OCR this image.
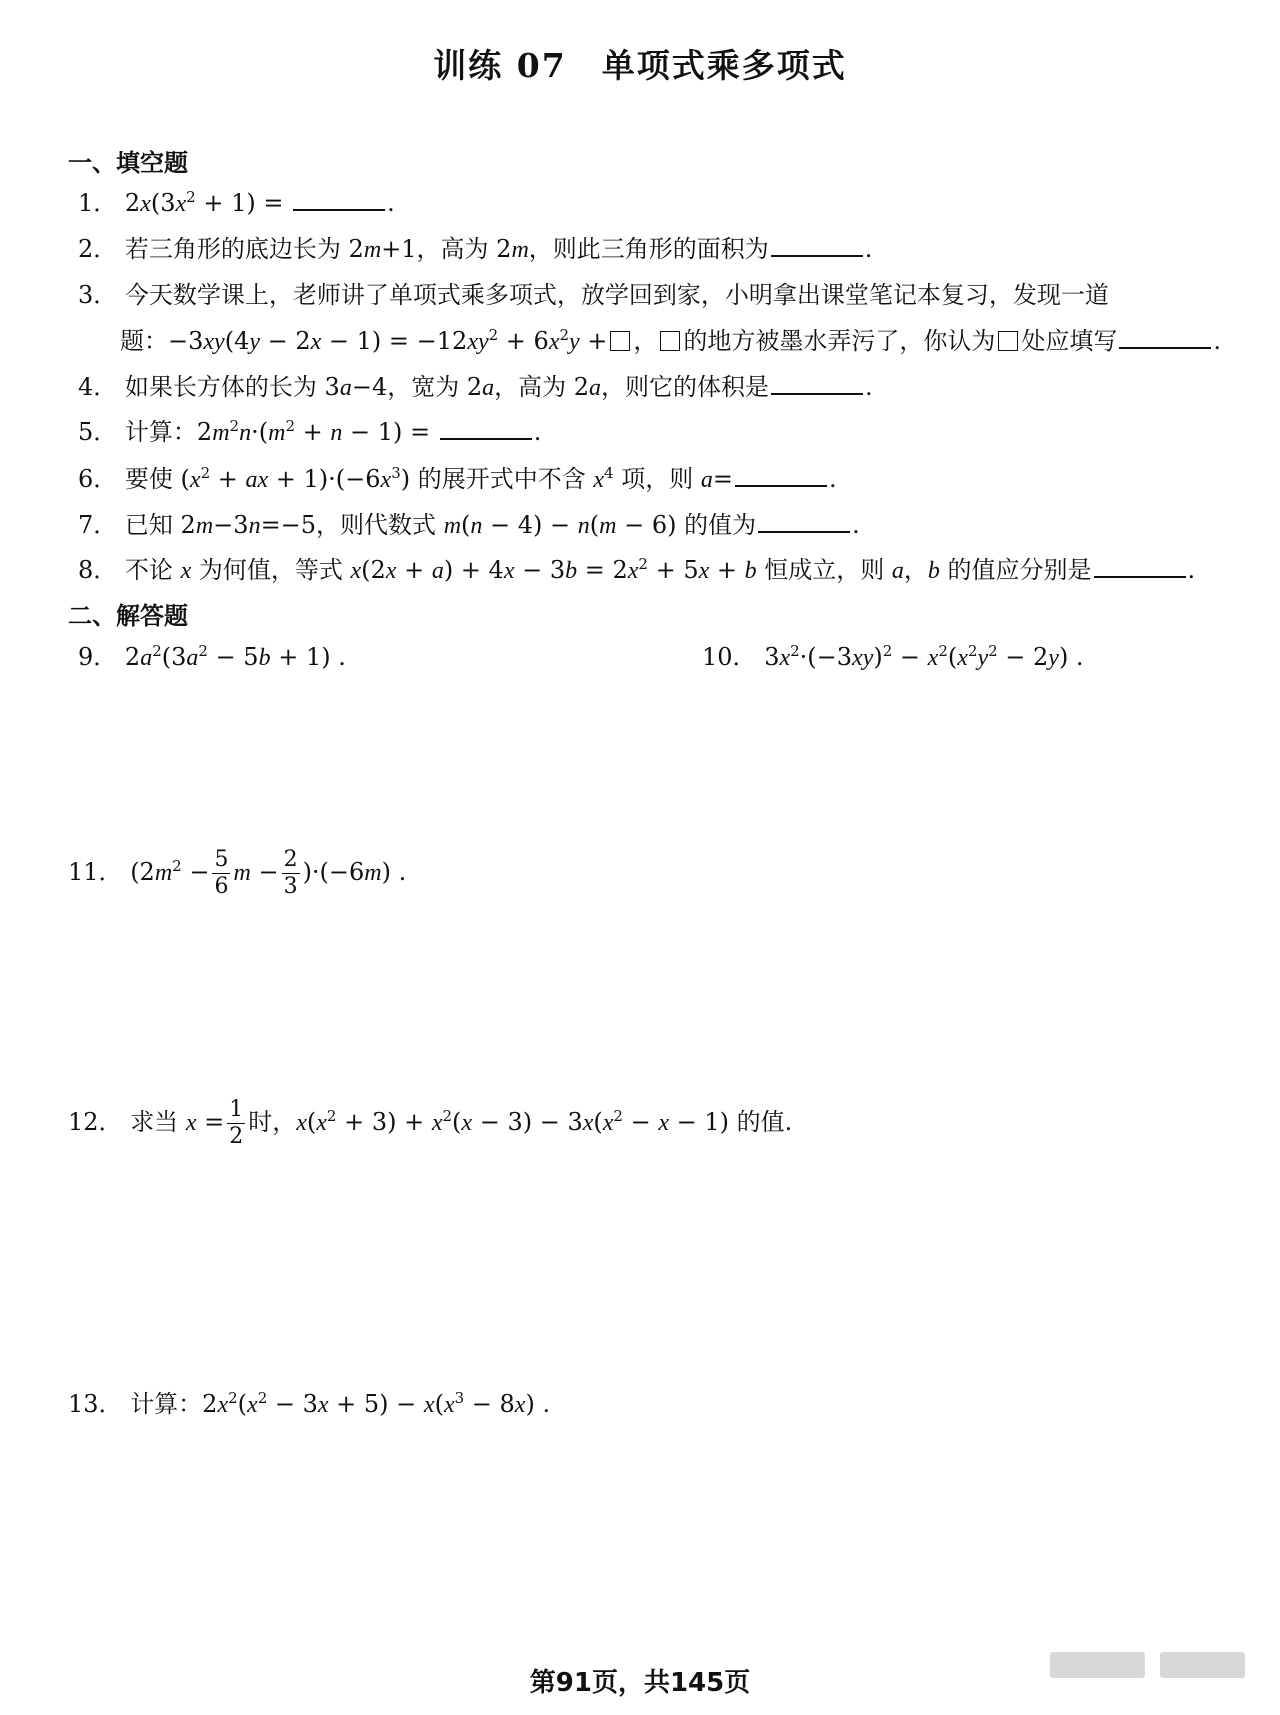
训练 07　单项式乘多项式
一、填空题
1． $2x(3x^2 + 1)$ =	.
2． 若三角形的底边长为 2m+1，高为 2m，则此三角形的面积为	.
3． 今天数学课上，老师讲了单项式乘多项式，放学回到家，小明拿出课堂笔记本复习，发现一道
题：$-3xy(4y - 2x - 1) = -12xy^2 + 6x^2y$ + ， 的地方被墨水弄污了，你认为 处应填写	.
4． 如果长方体的长为 3a−4，宽为 2a，高为 2a，则它的体积是	.
5． 计算：$2m^2n\cdot(m^2 + n - 1)$ =	.
6． 要使 ($x^2$ + ax + $1)\cdot(-6x^3)$ 的展开式中不含 $x^4$ 项，则 a=	.
7． 已知 2m−3n=−5，则代数式 m(n − 4) − n(m − 6) 的值为	.
8． 不论 x 为何值，等式 $x(2x + a) + 4x - 3b = 2x^2 + 5x + b$ 恒成立，则 a，b 的值应分别是	.
二、解答题
9． $2a^2(3a^2 - 5b + 1)$ .	10． $3x^2\cdot(-3xy)^2 - x^2(x^2y^2 - 2y)$ .
11． ($2m^2 - \frac{5}{6}$ $m - \frac{2}{3} )\cdot(-6m)$ .
12． 求当 $x = \frac{1}{2}$ 时，$x(x^2 + 3) + x^2(x - 3) - 3x(x^2 - x - 1)$ 的值.
13． 计算：$2x^2(x^2 - 3x + 5) - x(x^3 - 8x)$ .
第91页，共145页
